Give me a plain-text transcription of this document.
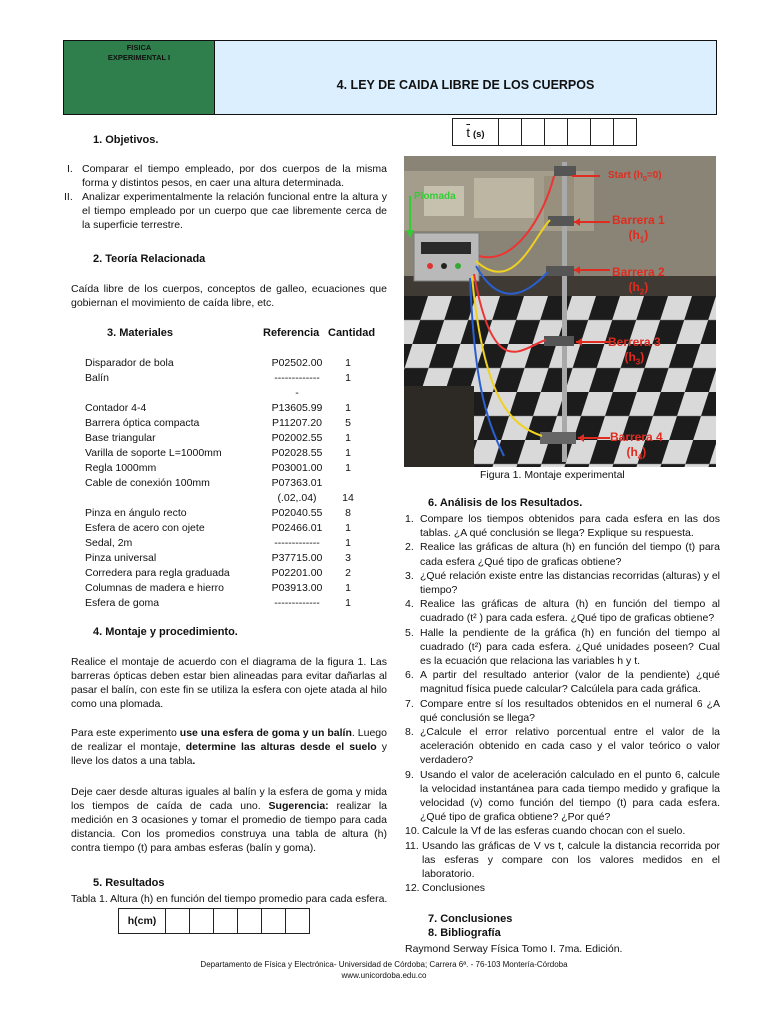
FISICA
EXPERIMENTAL I
4. LEY DE CAIDA LIBRE DE LOS CUERPOS
1. Objetivos.
I. Comparar el tiempo empleado, por dos cuerpos de la misma forma y distintos pesos, en caer una altura determinada.
II. Analizar experimentalmente la relación funcional entre la altura y el tiempo empleado por un cuerpo que cae libremente cerca de la superficie terrestre.
2. Teoría Relacionada
Caída libre de los cuerpos, conceptos de galleo, ecuaciones que gobiernan el movimiento de caída libre, etc.
3. Materiales	Referencia Cantidad
Disparador de bola	P02502.00	1
Balín	-------------	1
	-	
Contador 4-4	P13605.99	1
Barrera óptica compacta	P11207.20	5
Base triangular	P02002.55	1
Varilla de soporte L=1000mm	P02028.55	1
Regla 1000mm	P03001.00	1
Cable de conexión 100mm	P07363.01	
	(.02,.04)	14
Pinza en ángulo recto	P02040.55	8
Esfera de acero con ojete	P02466.01	1
Sedal, 2m	-------------	1
Pinza universal	P37715.00	3
Corredera para regla graduada	P02201.00	2
Columnas de madera e hierro	P03913.00	1
Esfera de goma	-------------	1
4. Montaje y procedimiento.
Realice el montaje de acuerdo con el diagrama de la figura 1. Las barreras ópticas deben estar bien alineadas para evitar dañarlas al pasar el balín, con este fin se utiliza la esfera con ojete atada al hilo como una plomada.
Para este experimento use una esfera de goma y un balín. Luego de realizar el montaje, determine las alturas desde el suelo y lleve los datos a una tabla.
Deje caer desde alturas iguales al balín y la esfera de goma y mida los tiempos de caída de cada uno. Sugerencia: realizar la medición en 3 ocasiones y tomar el promedio de tiempo para cada distancia. Con los promedios construya una tabla de altura (h) contra tiempo (t) para ambas esferas (balín y goma).
5. Resultados
Tabla 1. Altura (h) en función del tiempo promedio para cada esfera.
h(cm)						
$\overline{t}$ (s)						
Plomada
Start $(h_0=0)$
Barrera 1
$(h_1)$
Barrera 2
$(h_2)$
Berrera 3
$(h_3)$
Barrera 4
$(h_4)$
Figura 1. Montaje experimental
6. Análisis de los Resultados.
1. Compare los tiempos obtenidos para cada esfera en las dos tablas. ¿A qué conclusión se llega? Explique su respuesta.
2. Realice las gráficas de altura (h) en función del tiempo (t) para cada esfera ¿Qué tipo de graficas obtiene?
3. ¿Qué relación existe entre las distancias recorridas (alturas) y el tiempo?
4. Realice las gráficas de altura (h) en función del tiempo al cuadrado (t² ) para cada esfera. ¿Qué tipo de graficas obtiene?
5. Halle la pendiente de la gráfica (h) en función del tiempo al cuadrado (t²) para cada esfera. ¿Qué unidades poseen? Cual es la ecuación que relaciona las variables h y t.
6. A partir del resultado anterior (valor de la pendiente) ¿qué magnitud física puede calcular? Calcúlela para cada gráfica.
7. Compare entre sí los resultados obtenidos en el numeral 6 ¿A qué conclusión se llega?
8. ¿Calcule el error relativo porcentual entre el valor de la aceleración obtenido en cada caso y el valor teórico o valor verdadero?
9. Usando el valor de aceleración calculado en el punto 6, calcule la velocidad instantánea para cada tiempo medido y grafique la velocidad (v) como función del tiempo (t) para cada esfera. ¿Qué tipo de grafica obtiene? ¿Por qué?
10. Calcule la Vf de las esferas cuando chocan con el suelo.
11. Usando las gráficas de V vs t, calcule la distancia recorrida por las esferas y compare con los valores medidos en el laboratorio.
12. Conclusiones
7. Conclusiones
8. Bibliografía
Raymond Serway Física Tomo I. 7ma. Edición.
Departamento de Física y Electrónica- Universidad de Córdoba; Carrera 6ª. - 76-103 Montería-Córdoba
www.unicordoba.edu.co
